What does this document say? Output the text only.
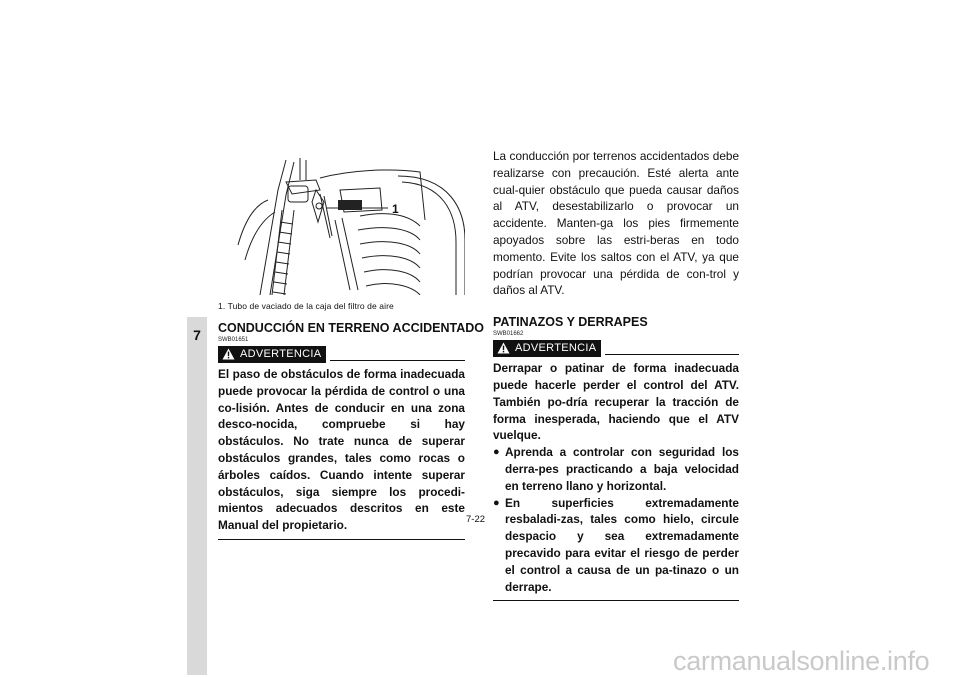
7
1
1. Tubo de vaciado de la caja del filtro de aire
CONDUCCIÓN EN TERRENO ACCIDENTADO
SWB01651
ADVERTENCIA

El paso de obstáculos de forma inadecuada puede provocar la pérdida de control o una co-lisión. Antes de conducir en una zona desco-nocida, compruebe si hay obstáculos. No trate nunca de superar obstáculos grandes, tales como rocas o árboles caídos. Cuando intente superar obstáculos, siga siempre los procedi-mientos adecuados descritos en este Manual del propietario.

La conducción por terrenos accidentados debe realizarse con precaución. Esté alerta ante cual-quier obstáculo que pueda causar daños al ATV, desestabilizarlo o provocar un accidente. Manten-ga los pies firmemente apoyados sobre las estri-beras en todo momento. Evite los saltos con el ATV, ya que podrían provocar una pérdida de con-trol y daños al ATV.

PATINAZOS Y DERRAPES
SWB01662
ADVERTENCIA

Derrapar o patinar de forma inadecuada puede hacerle perder el control del ATV. También po-dría recuperar la tracción de forma inesperada, haciendo que el ATV vuelque.

● Aprenda a controlar con seguridad los derra-pes practicando a baja velocidad en terreno llano y horizontal.
● En superficies extremadamente resbaladi-zas, tales como hielo, circule despacio y sea extremadamente precavido para evitar el riesgo de perder el control a causa de un pa-tinazo o un derrape.
7-22
carmanualsonline.info
